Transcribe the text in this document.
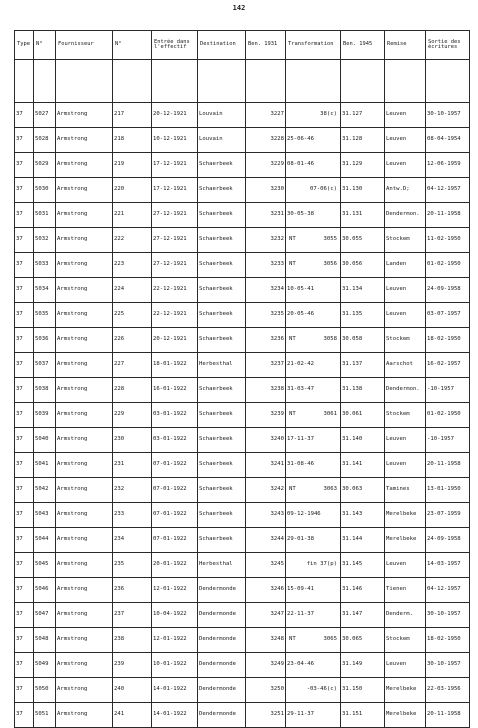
142
Type	N°	Fournisseur	N°	Entrée dans l'effectif	Destination	Ben. 1931	Transformation	Ben. 1945	Remise	Sortie des écritures

37	5027	Armstrong	217	20-12-1921	Louvain	3227	38(c)	31.127	Leuven	30-10-1957
37	5028	Armstrong	218	10-12-1921	Louvain	3228	25-06-46	31.128	Leuven	08-04-1954
37	5029	Armstrong	219	17-12-1921	Schaerbeek	3229	08-01-46	31.129	Leuven	12-06-1959
37	5030	Armstrong	220	17-12-1921	Schaerbeek	3230	07-06(c)	31.130	Antw.D;	04-12-1957
37	5031	Armstrong	221	27-12-1921	Schaerbeek	3231	30-05-38	31.131	Dendermon.	20-11-1958
37	5032	Armstrong	222	27-12-1921	Schaerbeek	3232	NT 3055	30.055	Stockem	11-02-1950
37	5033	Armstrong	223	27-12-1921	Schaerbeek	3233	NT 3056	30.056	Landen	01-02-1950
37	5034	Armstrong	224	22-12-1921	Schaerbeek	3234	10-05-41	31.134	Leuven	24-09-1958
37	5035	Armstrong	225	22-12-1921	Schaerbeek	3235	20-05-46	31.135	Leuven	03-07-1957
37	5036	Armstrong	226	20-12-1921	Schaerbeek	3236	NT 3058	30.058	Stockem	18-02-1950
37	5037	Armstrong	227	18-01-1922	Herbesthal	3237	21-02-42	31.137	Aarschot	16-02-1957
37	5038	Armstrong	228	16-01-1922	Schaerbeek	3238	31-03-47	31.138	Dendermon.	-10-1957
37	5039	Armstrong	229	03-01-1922	Schaerbeek	3239	NT 3061	30.061	Stockem	01-02-1950
37	5040	Armstrong	230	03-01-1922	Schaerbeek	3240	17-11-37	31.140	Leuven	-10-1957
37	5041	Armstrong	231	07-01-1922	Schaerbeek	3241	31-08-46	31.141	Leuven	20-11-1958
37	5042	Armstrong	232	07-01-1922	Schaerbeek	3242	NT 3063	30.063	Tamines	13-01-1950
37	5043	Armstrong	233	07-01-1922	Schaerbeek	3243	09-12-1946	31.143	Merelbeke	23-07-1959
37	5044	Armstrong	234	07-01-1922	Schaerbeek	3244	29-01-38	31.144	Merelbeke	24-09-1958
37	5045	Armstrong	235	20-01-1922	Herbesthal	3245	fin 37(p)	31.145	Leuven	14-03-1957
37	5046	Armstrong	236	12-01-1922	Dendermonde	3246	15-09-41	31.146	Tienen	04-12-1957
37	5047	Armstrong	237	10-04-1922	Dendermonde	3247	22-11-37	31.147	Denderm.	30-10-1957
37	5048	Armstrong	238	12-01-1922	Dendermonde	3248	NT 3065	30.065	Stockem	18-02-1950
37	5049	Armstrong	239	10-01-1922	Dendermonde	3249	23-04-46	31.149	Leuven	30-10-1957
37	5050	Armstrong	240	14-01-1922	Dendermonde	3250	-03-46(c)	31.150	Merelbeke	22-03-1956
37	5051	Armstrong	241	14-01-1922	Dendermonde	3251	29-11-37	31.151	Merelbeke	20-11-1958
